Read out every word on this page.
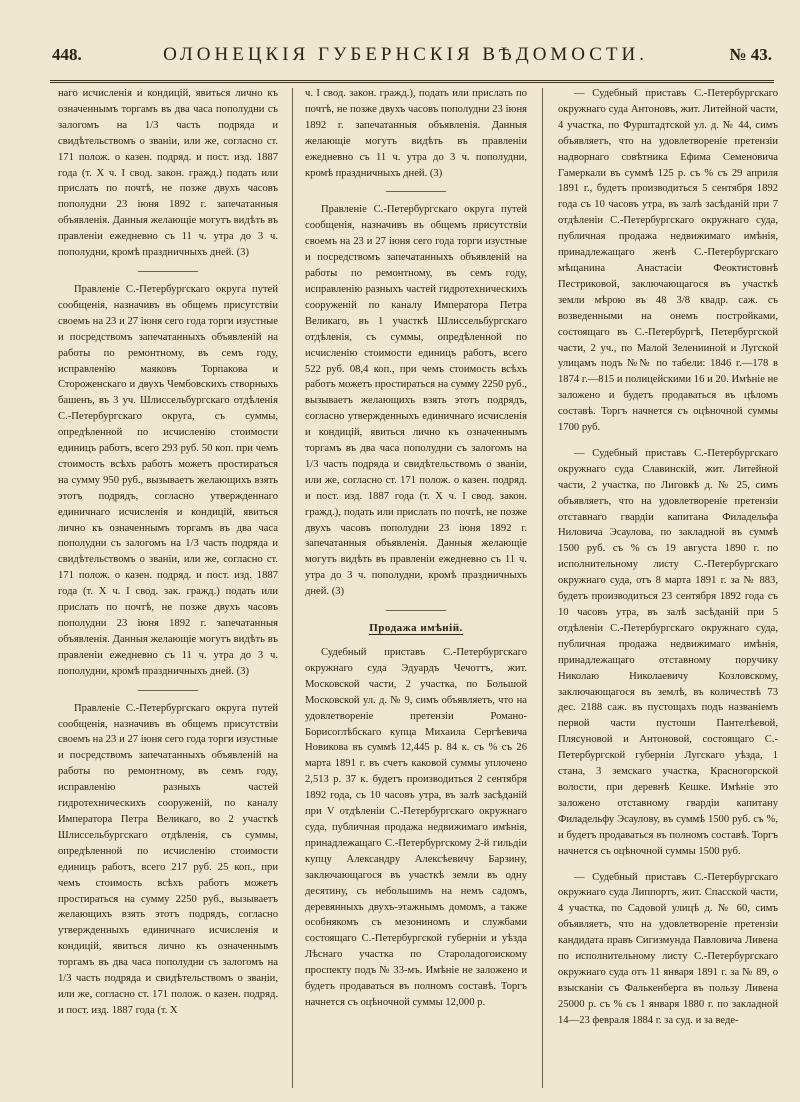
448.	ОЛОНЕЦКІЯ ГУБЕРНСКІЯ ВѢДОМОСТИ.	№ 43.

наго исчисленія и кондицій, явиться лично къ означеннымъ торгамъ въ два часа пополудни съ залогомъ на 1/3 часть подряда и свидѣтельствомъ о званіи, или же, согласно ст. 171 полож. о казен. подряд. и пост. изд. 1887 года (т. X ч. I свод. закон. гражд.) подать или прислать по почтѣ, не позже двухъ часовъ пополудни 23 іюня 1892 г. запечатанныя объявленія. Данныя желающіе могутъ видѣть въ правленіи ежедневно съ 11 ч. утра до 3 ч. пополудни, кромѣ праздничныхъ дней. (3)

Правленіе С.-Петербургскаго округа путей сообщенія, назначивъ въ общемъ присутствіи своемъ на 23 и 27 іюня сего года торги изустные и посредствомъ запечатанныхъ объявленій на работы по ремонтному, въ семъ году, исправленію маяковъ Торпакова и Стороженскаго и двухъ Чембовскихъ створныхъ башенъ, въ 3 уч. Шлиссельбургскаго отдѣленія С.-Петербургскаго округа, съ суммы, опредѣленной по исчисленію стоимости единицъ работъ, всего 293 руб. 50 коп. при чемъ стоимость всѣхъ работъ можетъ простираться на сумму 950 руб., вызываетъ желающихъ взять этотъ подрядъ, согласно утвержденнаго единичнаго исчисленія и кондицій, явиться лично къ означеннымъ торгамъ въ два часа пополудни съ залогомъ на 1/3 часть подряда и свидѣтельствомъ о званіи, или же, согласно ст. 171 полож. о казен. подряд. и пост. изд. 1887 года (т. X ч. I свод. зак. гражд.) подать или прислать по почтѣ, не позже двухъ часовъ пополудни 23 іюня 1892 г. запечатанныя объявленія. Данныя желающіе могутъ видѣть въ правленіи ежедневно съ 11 ч. утра до 3 ч. пополудни, кромѣ праздничныхъ дней. (3)

Правленіе С.-Петербургскаго округа путей сообщенія, назначивъ въ общемъ присутствіи своемъ на 23 и 27 іюня сего года торги изустные и посредствомъ запечатанныхъ объявленій на работы по ремонтному, въ семъ году, исправленію разныхъ частей гидротехническихъ сооруженій, по каналу Императора Петра Великаго, во 2 участкѣ Шлиссельбургскаго отдѣленія, съ суммы, опредѣленной по исчисленію стоимости единицъ работъ, всего 217 руб. 25 коп., при чемъ стоимость всѣхъ работъ можетъ простираться на сумму 2250 руб., вызываетъ желающихъ взять этотъ подрядъ, согласно утвержденныхъ единичнаго исчисленія и кондицій, явиться лично къ означеннымъ торгамъ въ два часа пополудни съ залогомъ на 1/3 часть подряда и свидѣтельствомъ о званіи, или же, согласно ст. 171 полож. о казен. подряд. и пост. изд. 1887 года (т. X

ч. I свод. закон. гражд.), подать или прислать по почтѣ, не позже двухъ часовъ пополудни 23 іюня 1892 г. запечатанныя объявленія. Данныя желающіе могутъ видѣть въ правленіи ежедневно съ 11 ч. утра до 3 ч. пополудни, кромѣ праздничныхъ дней. (3)

Правленіе С.-Петербургскаго округа путей сообщенія, назначивъ въ общемъ присутствіи своемъ на 23 и 27 іюня сего года торги изустные и посредствомъ запечатанныхъ объявленій на работы по ремонтному, въ семъ году, исправленію разныхъ частей гидротехническихъ сооруженій по каналу Императора Петра Великаго, въ 1 участкѣ Шлиссельбургскаго отдѣленія, съ суммы, опредѣленной по исчисленію стоимости единицъ работъ, всего 522 руб. 08,4 коп., при чемъ стоимость всѣхъ работъ можетъ простираться на сумму 2250 руб., вызываетъ желающихъ взять этотъ подрядъ, согласно утвержденныхъ единичнаго исчисленія и кондицій, явиться лично къ означеннымъ торгамъ въ два часа пополудни съ залогомъ на 1/3 часть подряда и свидѣтельствомъ о званіи, или же, согласно ст. 171 полож. о казен. подряд. и пост. изд. 1887 года (т. X ч. I свод. закон. гражд.), подать или прислать по почтѣ, не позже двухъ часовъ пополудни 23 іюня 1892 г. запечатанныя объявленія. Данныя желающіе могутъ видѣть въ правленіи ежедневно съ 11 ч. утра до 3 ч. пополудни, кромѣ праздничныхъ дней. (3)

Продажа имѣній.

Судебный приставъ С.-Петербургскаго окружнаго суда Эдуардъ Чечоттъ, жит. Московской части, 2 участка, по Большой Московской ул. д. № 9, симъ объявляетъ, что на удовлетвореніе претензіи Романо-Борисоглѣбскаго купца Михаила Сергѣевича Новикова въ суммѣ 12,445 р. 84 к. съ % съ 26 марта 1891 г. въ счетъ каковой суммы уплочено 2,513 р. 37 к. будетъ производиться 2 сентября 1892 года, съ 10 часовъ утра, въ залѣ засѣданій при V отдѣленіи С.-Петербургскаго окружнаго суда, публичная продажа недвижимаго имѣнія, принадлежащаго С.-Петербургскому 2-й гильдіи купцу Александру Алексѣевичу Барзину, заключающагося въ участкѣ земли въ одну десятину, съ небольшимъ на немъ садомъ, деревянныхъ двухъ-этажнымъ домомъ, а также особнякомъ съ мезониномъ и службами состоящаго С.-Петербургской губерніи и уѣзда Лѣснаго участка по Староладогоискому проспекту подъ № 33-мъ. Имѣніе не заложено и будетъ продаваться въ полномъ составѣ. Торгъ начнется съ оцѣночной суммы 12,000 р.

— Судебный приставъ С.-Петербургскаго окружнаго суда Антоновъ, жит. Литейной части, 4 участка, по Фурштадтской ул. д. № 44, симъ объявляетъ, что на удовлетвореніе претензіи надворнаго совѣтника Ефима Семеновича Гамеркали въ суммѣ 125 р. съ % съ 29 априля 1891 г., будетъ производиться 5 сентября 1892 года съ 10 часовъ утра, въ залѣ засѣданій при 7 отдѣленіи С.-Петербургскаго окружнаго суда, публичная продажа недвижимаго имѣнія, принадлежащаго женѣ С.-Петербургскаго мѣщанина Анастасіи Феоктистовнѣ Пестриковой, заключающагося въ участкѣ земли мѣрою въ 48 3/8 квадр. саж. съ возведенными на онемъ постройками, состоящаго въ С.-Петербургѣ, Петербургской части, 2 уч., по Малой Зеленииной и Лугской улицамъ подъ №№ по табели: 1846 г.—178 в 1874 г.—815 и полицейскими 16 и 20. Имѣніе не заложено и будетъ продаваться въ цѣломъ составѣ. Торгъ начнется съ оцѣночной суммы 1700 руб.

— Судебный приставъ С.-Петербургскаго окружнаго суда Славинскій, жит. Литейной части, 2 участка, по Лиговкѣ д. № 25, симъ объявляетъ, что на удовлетвореніе претензіи отставнаго гвардіи капитана Филадельфа Ниловича Эсаулова, по закладной въ суммѣ 1500 руб. съ % съ 19 августа 1890 г. по исполнительному листу С.-Петербургскаго окружнаго суда, отъ 8 марта 1891 г. за № 883, будетъ производиться 23 сентября 1892 года съ 10 часовъ утра, въ залѣ засѣданій при 5 отдѣленіи С.-Петербургскаго окружнаго суда, публичная продажа недвижимаго имѣнія, принадлежащаго отставному поручику Николаю Николаевичу Козловскому, заключающагося въ землѣ, въ количествѣ 73 дес. 2188 саж. въ пустощахъ подъ названіемъ первой части пустоши Пантелѣевой, Плясуновой и Антоновой, состоящаго С.-Петербургской губерніи Лугскаго уѣзда, 1 стана, 3 земскаго участка, Красногорской волости, при деревнѣ Кешке. Имѣніе это заложено отставному гвардіи капитану Филадельфу Эсаулову, въ суммѣ 1500 руб. съ %, и будетъ продаваться въ полномъ составѣ. Торгъ начнется съ оцѣночной суммы 1500 руб.

— Судебный приставъ С.-Петербургскаго окружнаго суда Липпортъ, жит. Спасской части, 4 участка, по Садовой улицѣ д. № 60, симъ объявляетъ, что на удовлетвореніе претензіи кандидата правъ Сигизмунда Павловича Ливена по исполнительному листу С.-Петербургскаго окружнаго суда отъ 11 января 1891 г. за № 89, о взысканіи съ Фалькенберга въ пользу Ливена 25000 р. съ % съ 1 января 1880 г. по закладной 14—23 февраля 1884 г. за суд. и за веде-
